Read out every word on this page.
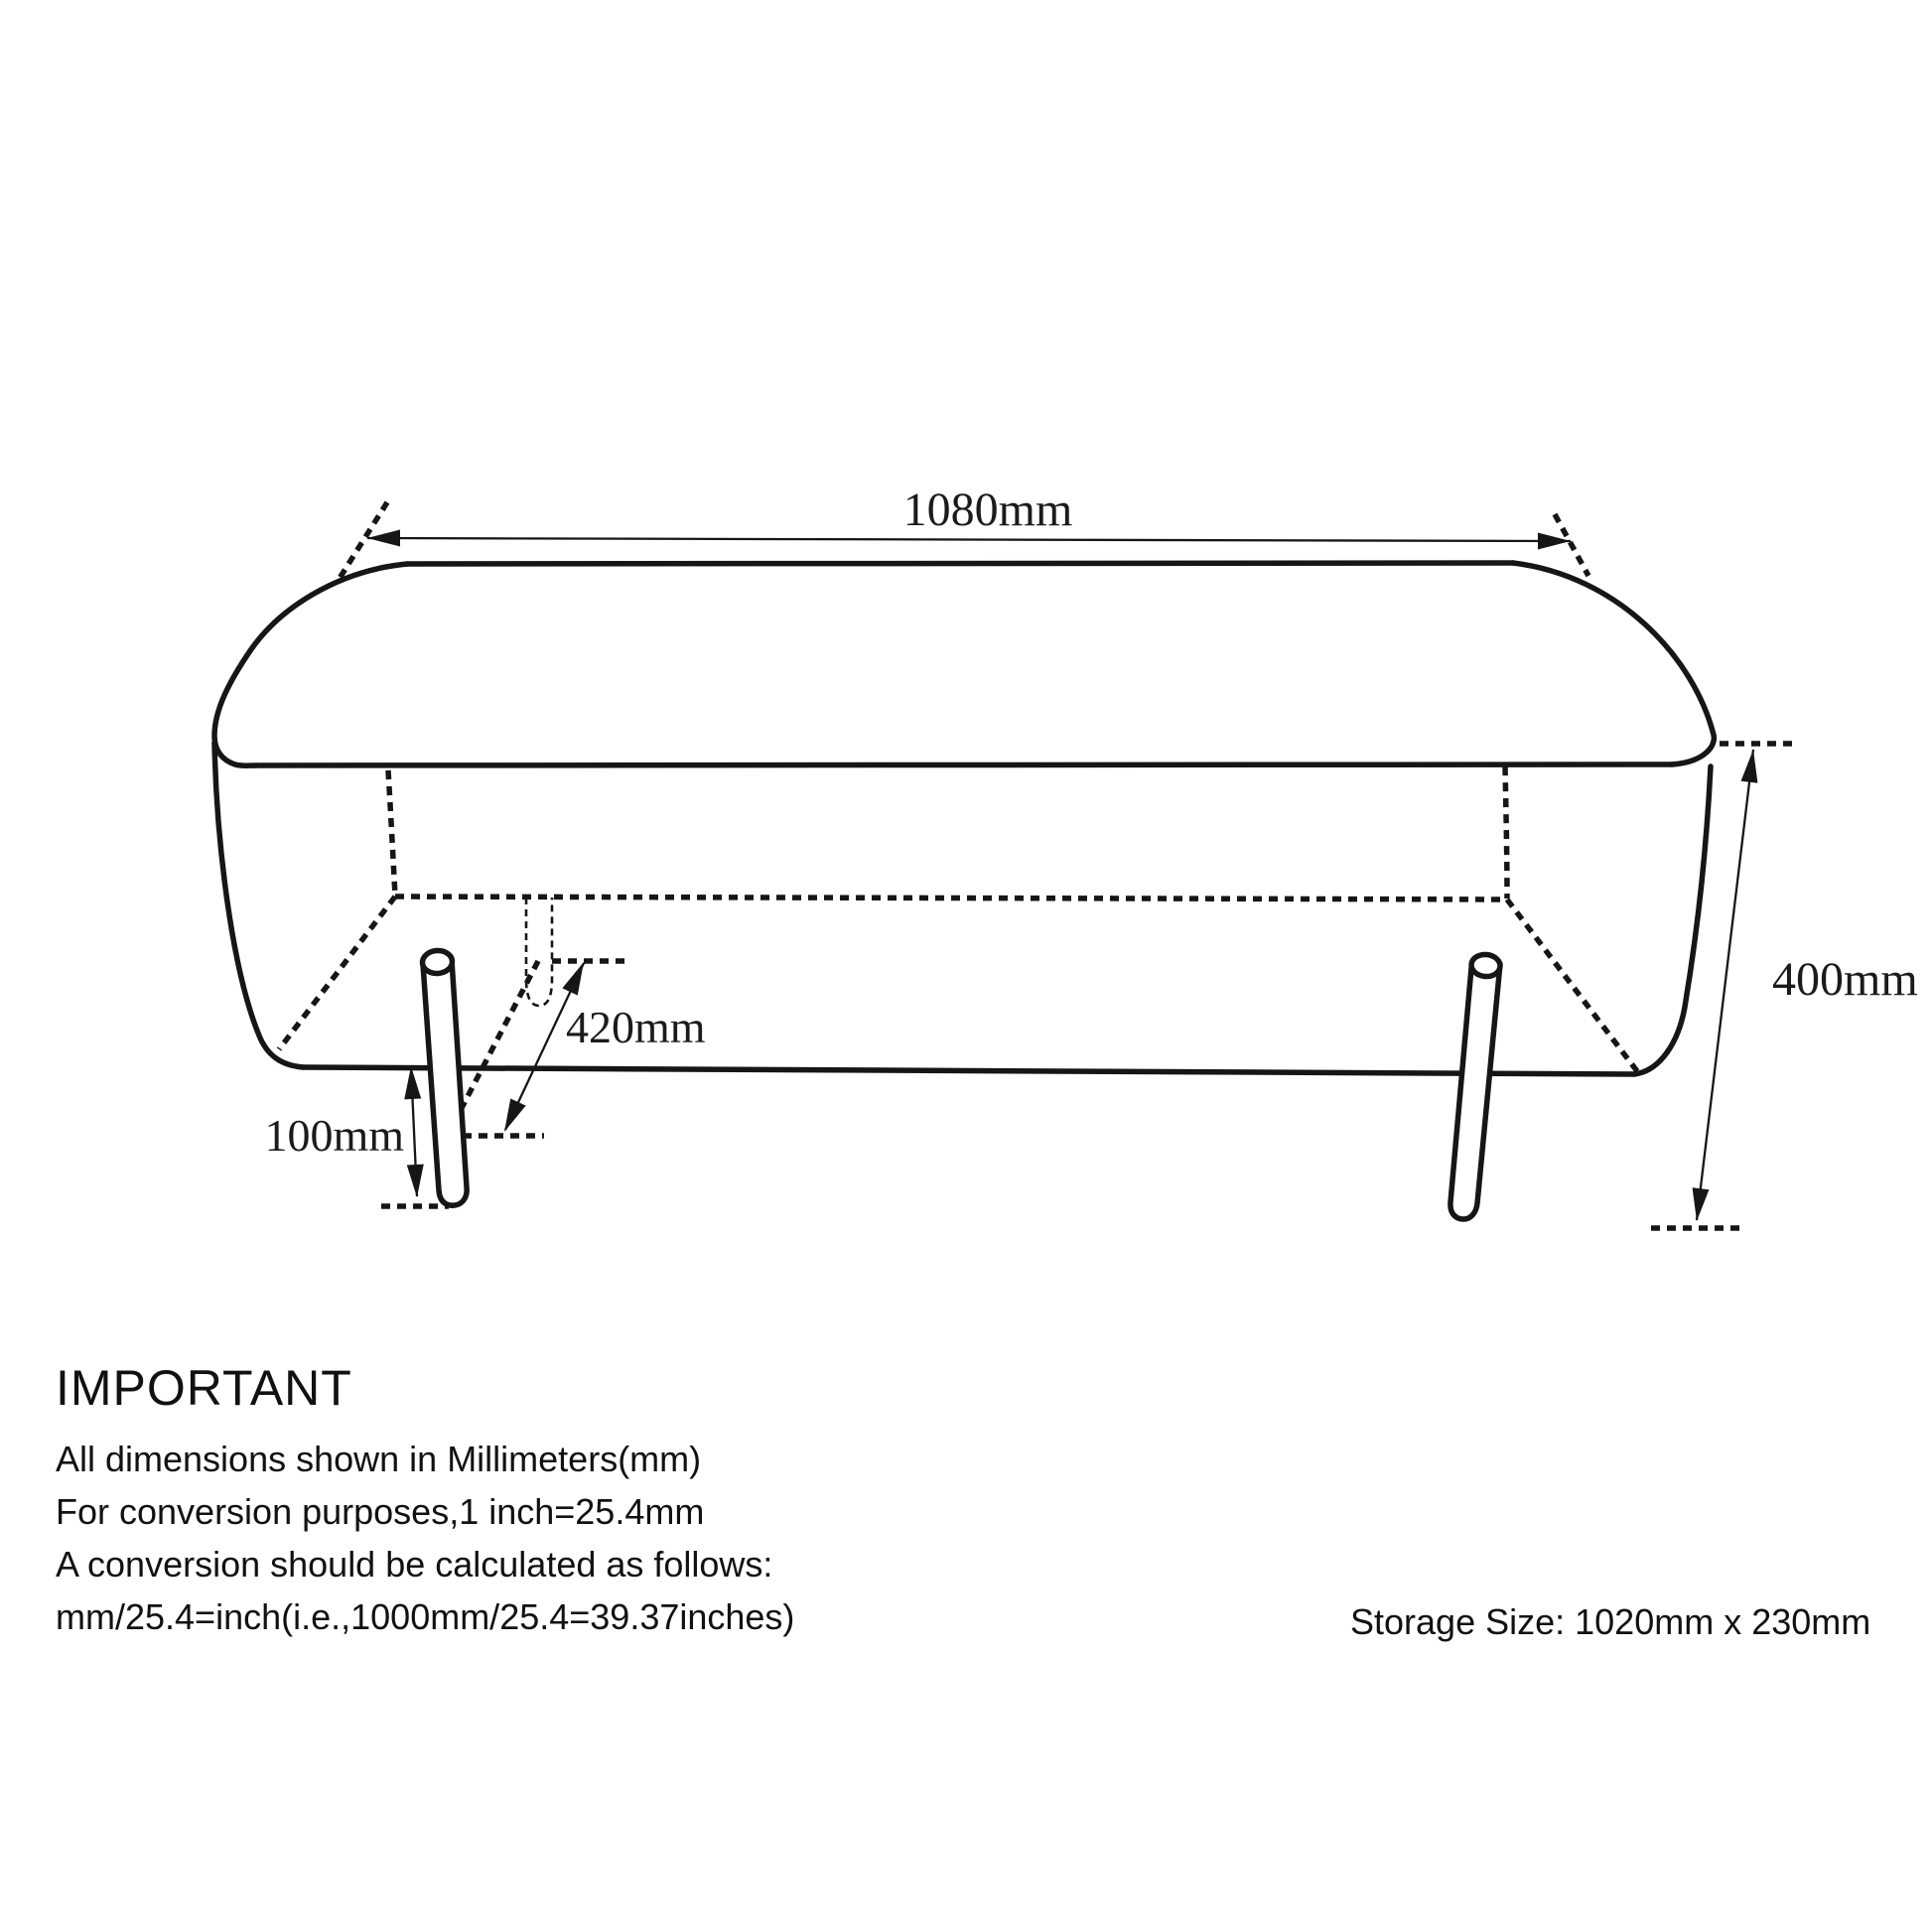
1080mm
400mm
420mm
100mm
IMPORTANT
All dimensions shown in Millimeters(mm)
For conversion purposes,1 inch=25.4mm
A conversion should be calculated as follows:
mm/25.4=inch(i.e.,1000mm/25.4=39.37inches)	Storage Size: 1020mm x 230mm
